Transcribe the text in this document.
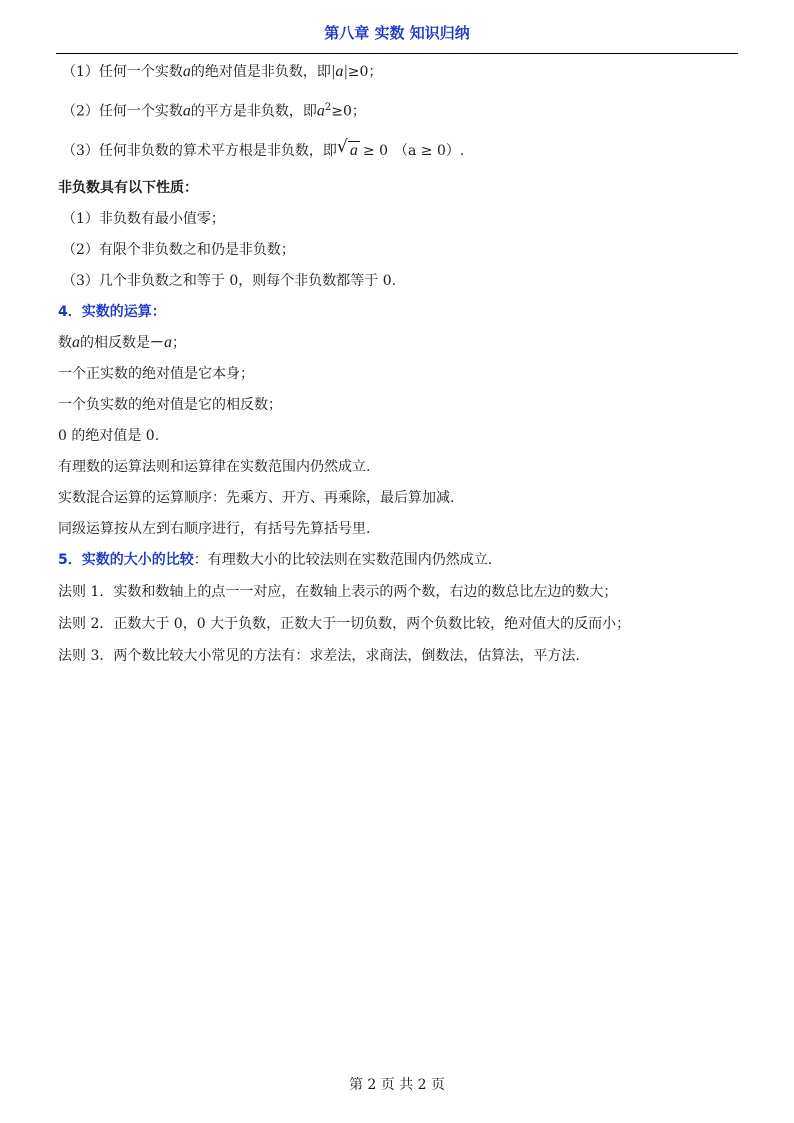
第八章 实数 知识归纳
（1）任何一个实数a的绝对值是非负数，即|a|≥0；
（2）任何一个实数a的平方是非负数，即$a^2\ge 0$；
（3）任何非负数的算术平方根是非负数，即 √ a ≥ 0 （a ≥ 0）.
非负数具有以下性质：
（1）非负数有最小值零；
（2）有限个非负数之和仍是非负数；
（3）几个非负数之和等于 0，则每个非负数都等于 0.
4．实数的运算：
数a的相反数是－a；
一个正实数的绝对值是它本身；
一个负实数的绝对值是它的相反数；
0 的绝对值是 0.
有理数的运算法则和运算律在实数范围内仍然成立.
实数混合运算的运算顺序：先乘方、开方、再乘除，最后算加减.
同级运算按从左到右顺序进行，有括号先算括号里.
5．实数的大小的比较：有理数大小的比较法则在实数范围内仍然成立.
法则 1．实数和数轴上的点一一对应，在数轴上表示的两个数，右边的数总比左边的数大；
法则 2．正数大于 0，0 大于负数，正数大于一切负数，两个负数比较，绝对值大的反而小；
法则 3．两个数比较大小常见的方法有：求差法，求商法，倒数法，估算法，平方法.
第 2 页 共 2 页
